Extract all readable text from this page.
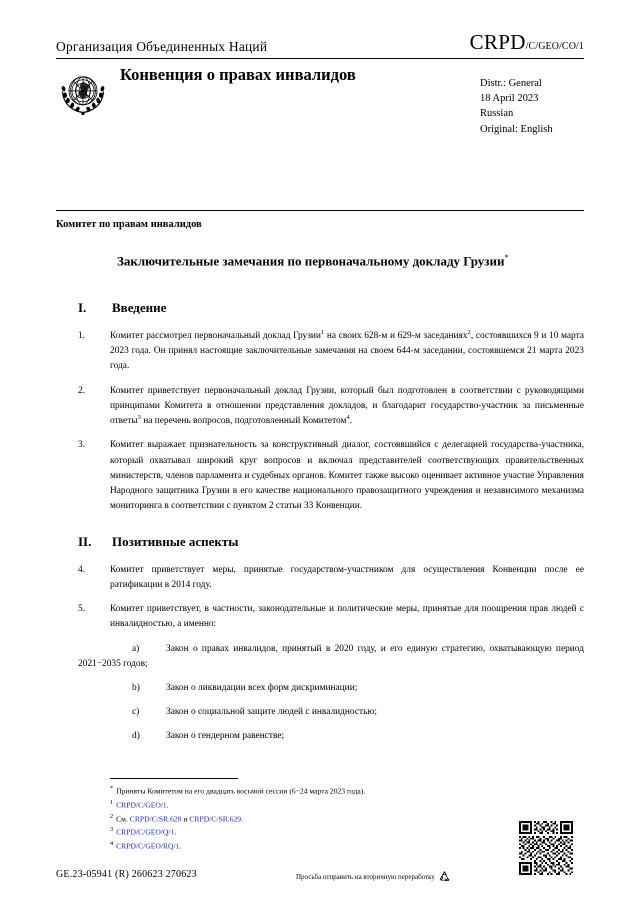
Организация Объединенных Наций	CRPD /C/GEO/CO/1
Конвенция о правах инвалидов	Distr.: General
18 April 2023
Russian
Original: English
Комитет по правам инвалидов
Заключительные замечания по первоначальному докладу Грузии*
I.	Введение

1.	Комитет рассмотрел первоначальный доклад Грузии$^1$ на своих 628-м и 629-м заседаниях$^2$, состоявшихся 9 и 10 марта 2023 года. Он принял настоящие заключительные замечания на своем 644-м заседании, состоявшемся 21 марта 2023 года.

2.	Комитет приветствует первоначальный доклад Грузии, который был подготовлен в соответствии с руководящими принципами Комитета в отношении представления докладов, и благодарит государство-участник за письменные ответы$^3$ на перечень вопросов, подготовленный Комитетом$^4$.

3.	Комитет выражает признательность за конструктивный диалог, состоявшийся с делегацией государства-участника, который охватывал широкий круг вопросов и включал представителей соответствующих правительственных министерств, членов парламента и судебных органов. Комитет также высоко оценивает активное участие Управления Народного защитника Грузии в его качестве национального правозащитного учреждения и независимого механизма мониторинга в соответствии с пунктом 2 статьи 33 Конвенции.

II.	Позитивные аспекты

4.	Комитет приветствует меры, принятые государством-участником для осуществления Конвенции после ее ратификации в 2014 году.

5.	Комитет приветствует, в частности, законодательные и политические меры, принятые для поощрения прав людей с инвалидностью, а именно:

a)	Закон о правах инвалидов, принятый в 2020 году, и его единую стратегию, охватывающую период 2021−2035 годов;

b)	Закон о ликвидации всех форм дискриминации;

c)	Закон о социальной защите людей с инвалидностью;

d)	Закон о гендерном равенстве;

* Приняты Комитетом на его двадцать восьмой сессии (6−24 марта 2023 года).
$^1$ CRPD/C/GEO/1.
$^2$ См. CRPD/C/SR.628 и CRPD/C/SR.629.
$^3$ CRPD/C/GEO/Q/1.
$^4$ CRPD/C/GEO/RQ/1.
GE.23-05941 (R) 260623 270623	Просьба отправить на вторичную переработку
